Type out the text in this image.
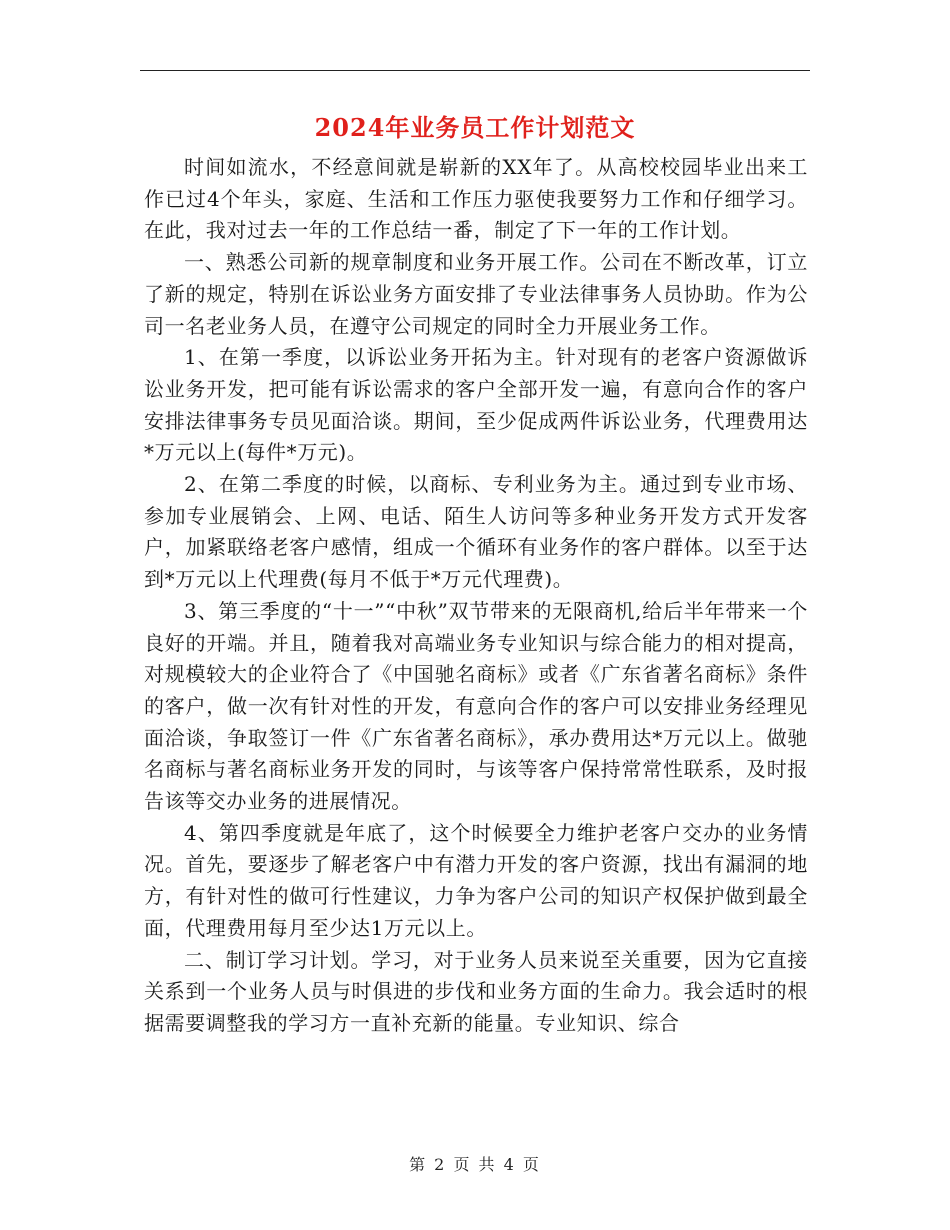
2024年业务员工作计划范文

时间如流水，不经意间就是崭新的XX年了。从高校校园毕业出来工作已过4个年头，家庭、生活和工作压力驱使我要努力工作和仔细学习。在此，我对过去一年的工作总结一番，制定了下一年的工作计划。

一、熟悉公司新的规章制度和业务开展工作。公司在不断改革，订立了新的规定，特别在诉讼业务方面安排了专业法律事务人员协助。作为公司一名老业务人员，在遵守公司规定的同时全力开展业务工作。

1、在第一季度，以诉讼业务开拓为主。针对现有的老客户资源做诉讼业务开发，把可能有诉讼需求的客户全部开发一遍，有意向合作的客户安排法律事务专员见面洽谈。期间，至少促成两件诉讼业务，代理费用达*万元以上(每件*万元)。

2、在第二季度的时候，以商标、专利业务为主。通过到专业市场、参加专业展销会、上网、电话、陌生人访问等多种业务开发方式开发客户，加紧联络老客户感情，组成一个循环有业务作的客户群体。以至于达到*万元以上代理费(每月不低于*万元代理费)。

3、第三季度的“十一”“中秋”双节带来的无限商机,给后半年带来一个良好的开端。并且，随着我对高端业务专业知识与综合能力的相对提高，对规模较大的企业符合了《中国驰名商标》或者《广东省著名商标》条件的客户，做一次有针对性的开发，有意向合作的客户可以安排业务经理见面洽谈，争取签订一件《广东省著名商标》，承办费用达*万元以上。做驰名商标与著名商标业务开发的同时，与该等客户保持常常性联系，及时报告该等交办业务的进展情况。

4、第四季度就是年底了，这个时候要全力维护老客户交办的业务情况。首先，要逐步了解老客户中有潜力开发的客户资源，找出有漏洞的地方，有针对性的做可行性建议，力争为客户公司的知识产权保护做到最全面，代理费用每月至少达1万元以上。

二、制订学习计划。学习，对于业务人员来说至关重要，因为它直接关系到一个业务人员与时俱进的步伐和业务方面的生命力。我会适时的根据需要调整我的学习方一直补充新的能量。专业知识、综合

第 2 页 共 4 页
